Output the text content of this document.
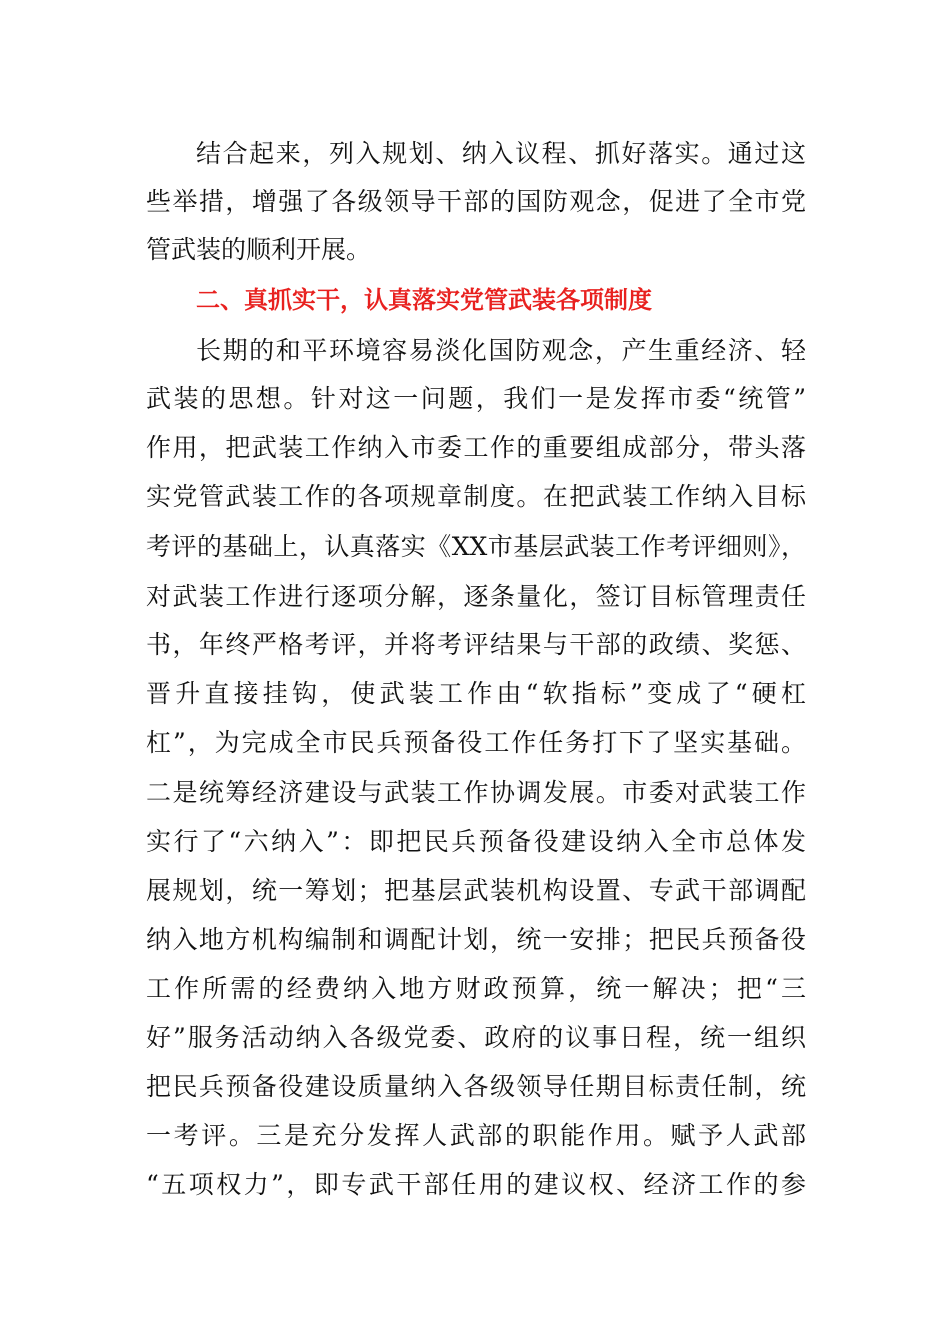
结合起来，列入规划、纳入议程、抓好落实。通过这
些举措，增强了各级领导干部的国防观念，促进了全市党
管武装的顺利开展。
二、真抓实干，认真落实党管武装各项制度
长期的和平环境容易淡化国防观念，产生重经济、轻
武装的思想。针对这一问题，我们一是发挥市委“统管”
作用，把武装工作纳入市委工作的重要组成部分，带头落
实党管武装工作的各项规章制度。在把武装工作纳入目标
考评的基础上，认真落实《XX市基层武装工作考评细则》，
对武装工作进行逐项分解，逐条量化，签订目标管理责任
书，年终严格考评，并将考评结果与干部的政绩、奖惩、
晋升直接挂钩，使武装工作由“软指标”变成了“硬杠
杠”，为完成全市民兵预备役工作任务打下了坚实基础。
二是统筹经济建设与武装工作协调发展。市委对武装工作
实行了“六纳入”：即把民兵预备役建设纳入全市总体发
展规划，统一筹划；把基层武装机构设置、专武干部调配
纳入地方机构编制和调配计划，统一安排；把民兵预备役
工作所需的经费纳入地方财政预算，统一解决；把“三
好”服务活动纳入各级党委、政府的议事日程，统一组织
把民兵预备役建设质量纳入各级领导任期目标责任制，统
一考评。三是充分发挥人武部的职能作用。赋予人武部
“五项权力”，即专武干部任用的建议权、经济工作的参
